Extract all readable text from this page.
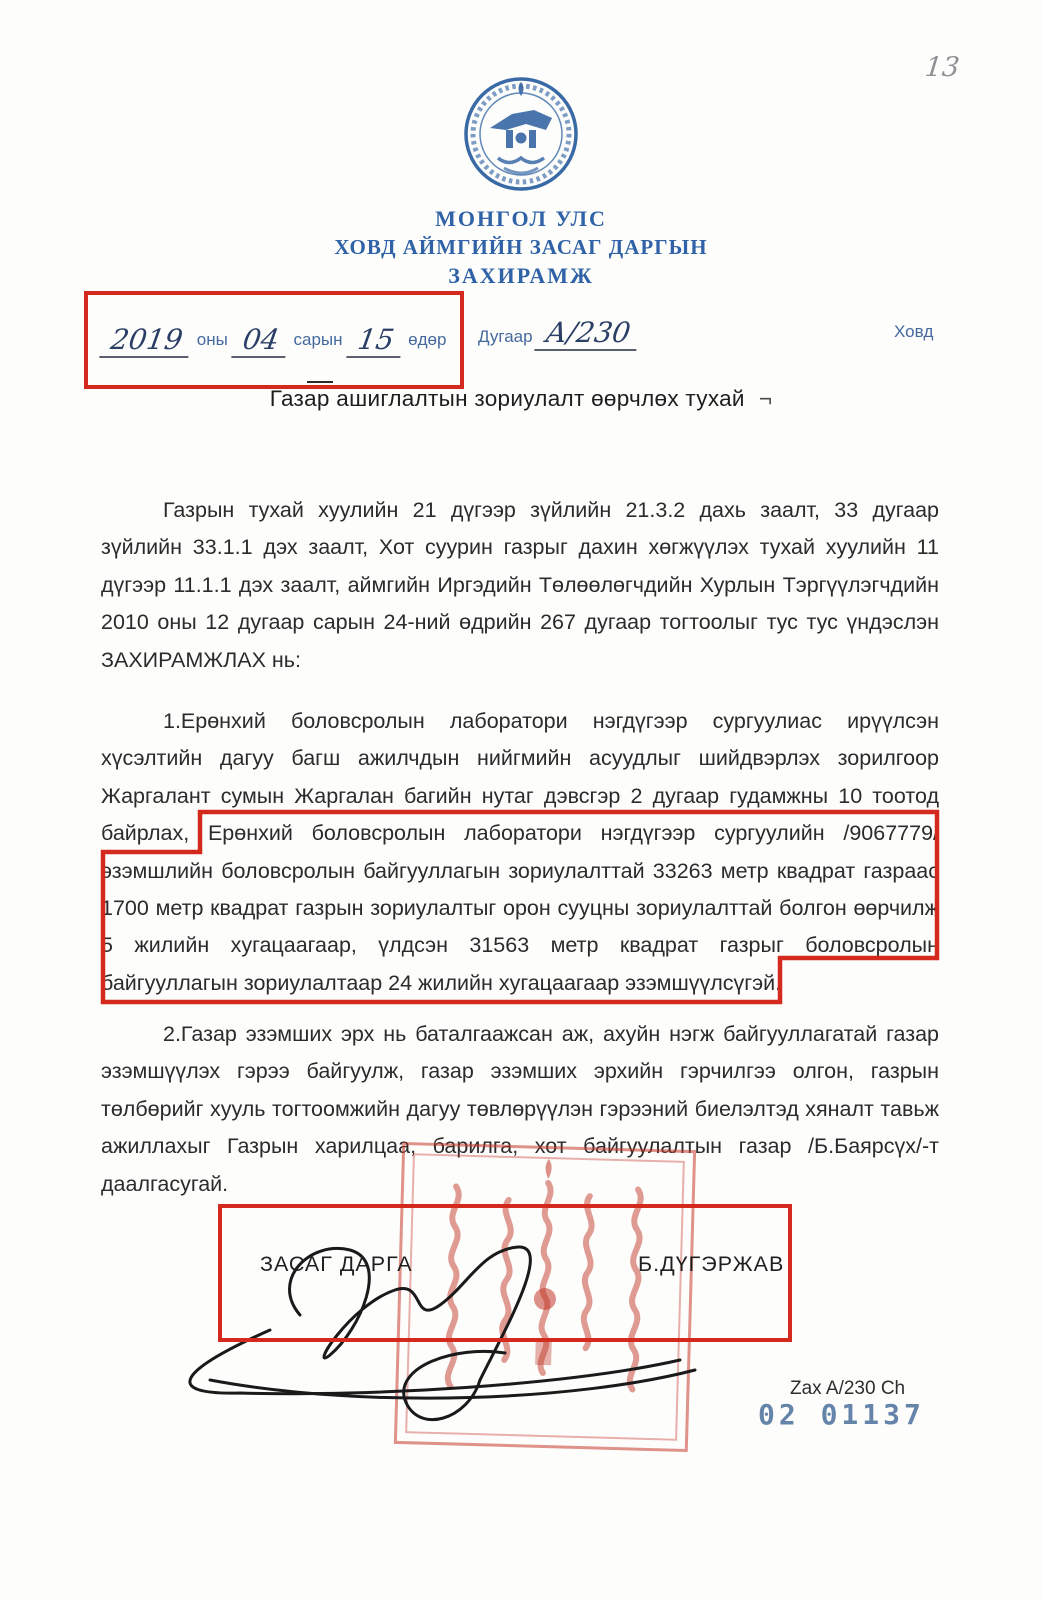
13
МОНГОЛ УЛС
ХОВД АЙМГИЙН ЗАСАГ ДАРГЫН
ЗАХИРАМЖ
2019 оны 04 сарын 15 өдөр Дугаар А/230	Ховд
Газар ашиглалтын зориулалт өөрчлөх тухай ¬
Газрын тухай хуулийн 21 дүгээр зүйлийн 21.3.2 дахь заалт, 33 дугаар
зүйлийн 33.1.1 дэх заалт, Хот суурин газрыг дахин хөгжүүлэх тухай хуулийн 11
дүгээр 11.1.1 дэх заалт, аймгийн Иргэдийн Төлөөлөгчдийн Хурлын Тэргүүлэгчдийн
2010 оны 12 дугаар сарын 24-ний өдрийн 267 дугаар тогтоолыг тус тус үндэслэн
ЗАХИРАМЖЛАХ нь:
1.Ерөнхий боловсролын лаборатори нэгдүгээр сургуулиас ирүүлсэн
хүсэлтийн дагуу багш ажилчдын нийгмийн асуудлыг шийдвэрлэх зорилгоор
Жаргалант сумын Жаргалан багийн нутаг дэвсгэр 2 дугаар гудамжны 10 тоотод
байрлах, Ерөнхий боловсролын лаборатори нэгдүгээр сургуулийн /9067779/
эзэмшлийн боловсролын байгууллагын зориулалттай 33263 метр квадрат газраас
1700 метр квадрат газрын зориулалтыг орон сууцны зориулалттай болгон өөрчилж
5 жилийн хугацаагаар, үлдсэн 31563 метр квадрат газрыг боловсролын
байгууллагын зориулалтаар 24 жилийн хугацаагаар эзэмшүүлсүгэй.
2.Газар эзэмших эрх нь баталгаажсан аж, ахуйн нэгж байгууллагатай газар
эзэмшүүлэх гэрээ байгуулж, газар эзэмших эрхийн гэрчилгээ олгон, газрын
төлбөрийг хууль тогтоомжийн дагуу төвлөрүүлэн гэрээний биелэлтэд хяналт тавьж
ажиллахыг Газрын харилцаа, барилга, хот байгуулалтын газар /Б.Баярсүх/-т
даалгасугай.
ЗАСАГ ДАРГА	Б.ДҮГЭРЖАВ
Zax A/230 Ch
02 01137
